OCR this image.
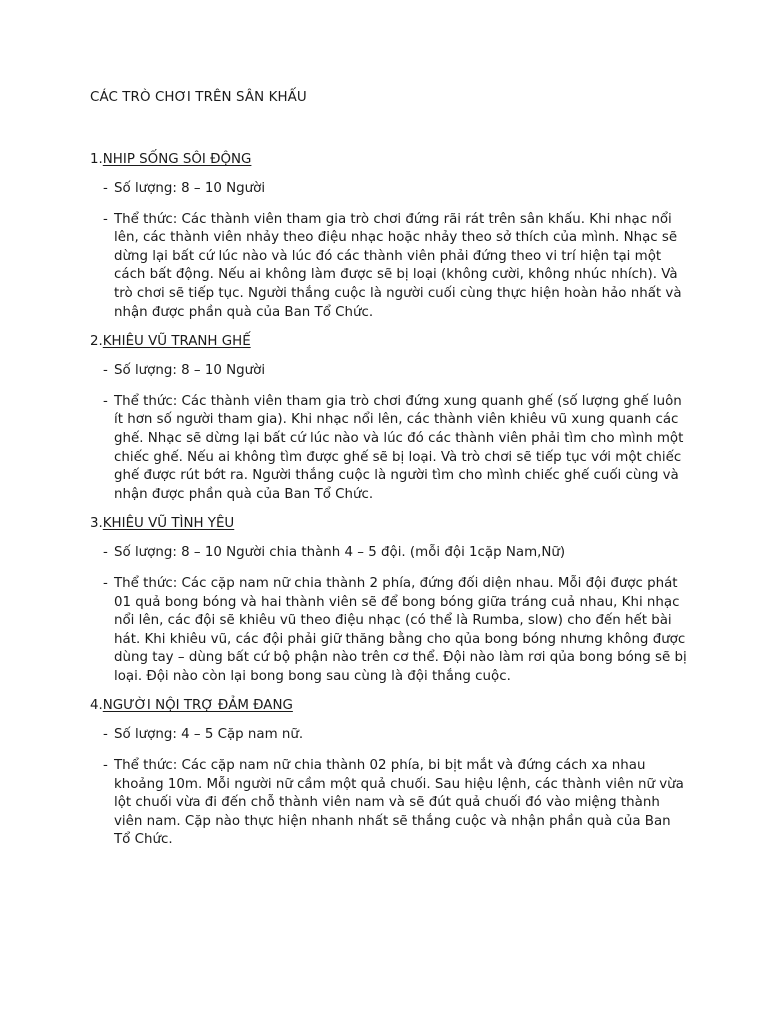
CÁC TRÒ CHƠI TRÊN SÂN KHẤU
1.NHIP SỐNG SÔI ĐỘNG
- Số lượng: 8 – 10 Người
- Thể thức: Các thành viên tham gia trò chơi đứng rãi rát trên sân khấu. Khi nhạc nổi lên, các thành viên nhảy theo điệu nhạc hoặc nhảy theo sở thích của mình. Nhạc sẽ dừng lại bất cứ lúc nào và lúc đó các thành viên phải đứng theo vi trí hiện tại một cách bất động. Nếu ai không làm được sẽ bị loại (không cười, không nhúc nhích). Và trò chơi sẽ tiếp tục. Người thắng cuộc là người cuối cùng thực hiện hoàn hảo nhất và nhận được phần quà của Ban Tổ Chức.
2.KHIÊU VŨ TRANH GHẾ
- Số lượng: 8 – 10 Người
- Thể thức: Các thành viên tham gia trò chơi đứng xung quanh ghế (số lượng ghế luôn ít hơn số người tham gia). Khi nhạc nổi lên, các thành viên khiêu vũ xung quanh các ghế. Nhạc sẽ dừng lại bất cứ lúc nào và lúc đó các thành viên phải tìm cho mình một chiếc ghế. Nếu ai không tìm được ghế sẽ bị loại. Và trò chơi sẽ tiếp tục với một chiếc ghế được rút bớt ra. Người thắng cuộc là người tìm cho mình chiếc ghế cuối cùng và nhận được phần quà của Ban Tổ Chức.
3.KHIÊU VŨ TÌNH YÊU
- Số lượng: 8 – 10 Người chia thành 4 – 5 đội. (mỗi đội 1cặp Nam,Nữ)
- Thể thức: Các cặp nam nữ chia thành 2 phía, đứng đối diện nhau. Mỗi đội được phát 01 quả bong bóng và hai thành viên sẽ để bong bóng giữa tráng cuả nhau, Khi nhạc nổi lên, các đội sẽ khiêu vũ theo điệu nhạc (có thể là Rumba, slow) cho đến hết bài hát. Khi khiêu vũ, các đội phải giữ thăng bằng cho qủa bong bóng nhưng không được dùng tay – dùng bất cứ bộ phận nào trên cơ thể. Đội nào làm rơi qủa bong bóng sẽ bị loại. Đội nào còn lại bong bong sau cùng là đội thắng cuộc.
4.NGƯỜI NỘI TRỢ ĐẢM ĐANG
- Số lượng: 4 – 5 Cặp nam nữ.
- Thể thức: Các cặp nam nữ chia thành 02 phía, bi bịt mắt và đứng cách xa nhau khoảng 10m. Mỗi người nữ cầm một quả chuối. Sau hiệu lệnh, các thành viên nữ vừa lột chuối vừa đi đến chỗ thành viên nam và sẽ đút quả chuối đó vào miệng thành viên nam. Cặp nào thực hiện nhanh nhất sẽ thắng cuộc và nhận phần quà của Ban Tổ Chức.
